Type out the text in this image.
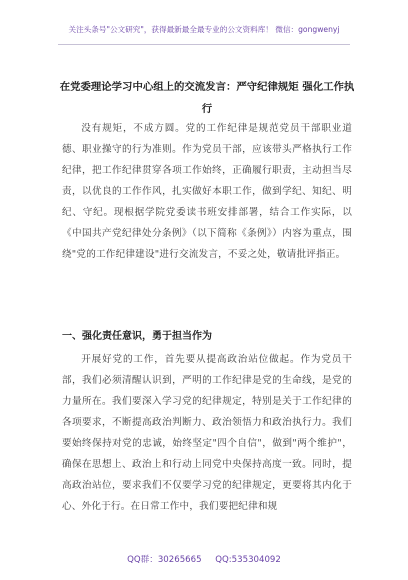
关注头条号"公文研究"，获得最新最全最专业的公文资料库！ 微信：gongwenyj
在党委理论学习中心组上的交流发言：严守纪律规矩 强化工作执行
没有规矩，不成方圆。党的工作纪律是规范党员干部职业道德、职业操守的行为准则。作为党员干部，应该带头严格执行工作纪律，把工作纪律贯穿各项工作始终，正确履行职责，主动担当尽责，以优良的工作作风，扎实做好本职工作，做到学纪、知纪、明纪、守纪。现根据学院党委读书班安排部署，结合工作实际，以《中国共产党纪律处分条例》（以下简称《条例》）内容为重点，围绕"党的工作纪律建设"进行交流发言，不妥之处，敬请批评指正。
一、强化责任意识，勇于担当作为
开展好党的工作，首先要从提高政治站位做起。作为党员干部，我们必须清醒认识到，严明的工作纪律是党的生命线，是党的力量所在。我们要深入学习党的纪律规定，特别是关于工作纪律的各项要求，不断提高政治判断力、政治领悟力和政治执行力。我们要始终保持对党的忠诚，始终坚定"四个自信"，做到"两个维护"，确保在思想上、政治上和行动上同党中央保持高度一致。同时，提高政治站位，要求我们不仅要学习党的纪律规定，更要将其内化于心、外化于行。在日常工作中，我们要把纪律和规
QQ群：30265665     QQ:535304092
